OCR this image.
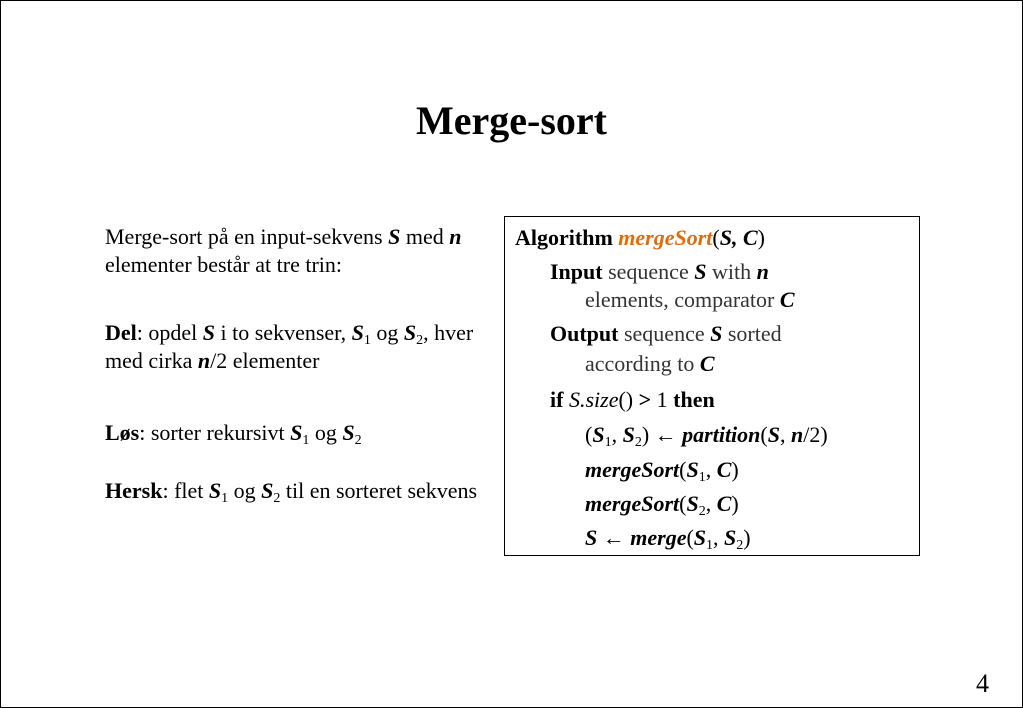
Merge-sort

Merge-sort på en input-sekvens S med n elementer består at tre trin:

Del: opdel S i to sekvenser, $S_1$ og $S_2$, hver med cirka n/2 elementer

Løs: sorter rekursivt $S_1$ og $S_2$

Hersk: flet $S_1$ og $S_2$ til en sorteret sekvens

Algorithm mergeSort(S, C)
Input sequence S with n
elements, comparator C
Output sequence S sorted
according to C
if S.size() > 1 then
($S_1$, $S_2$) ← partition(S, n/2)
$mergeSort(S_1$, C)
$mergeSort(S_2$, C)
S ← $merge(S_1$, $S_2$)
4
